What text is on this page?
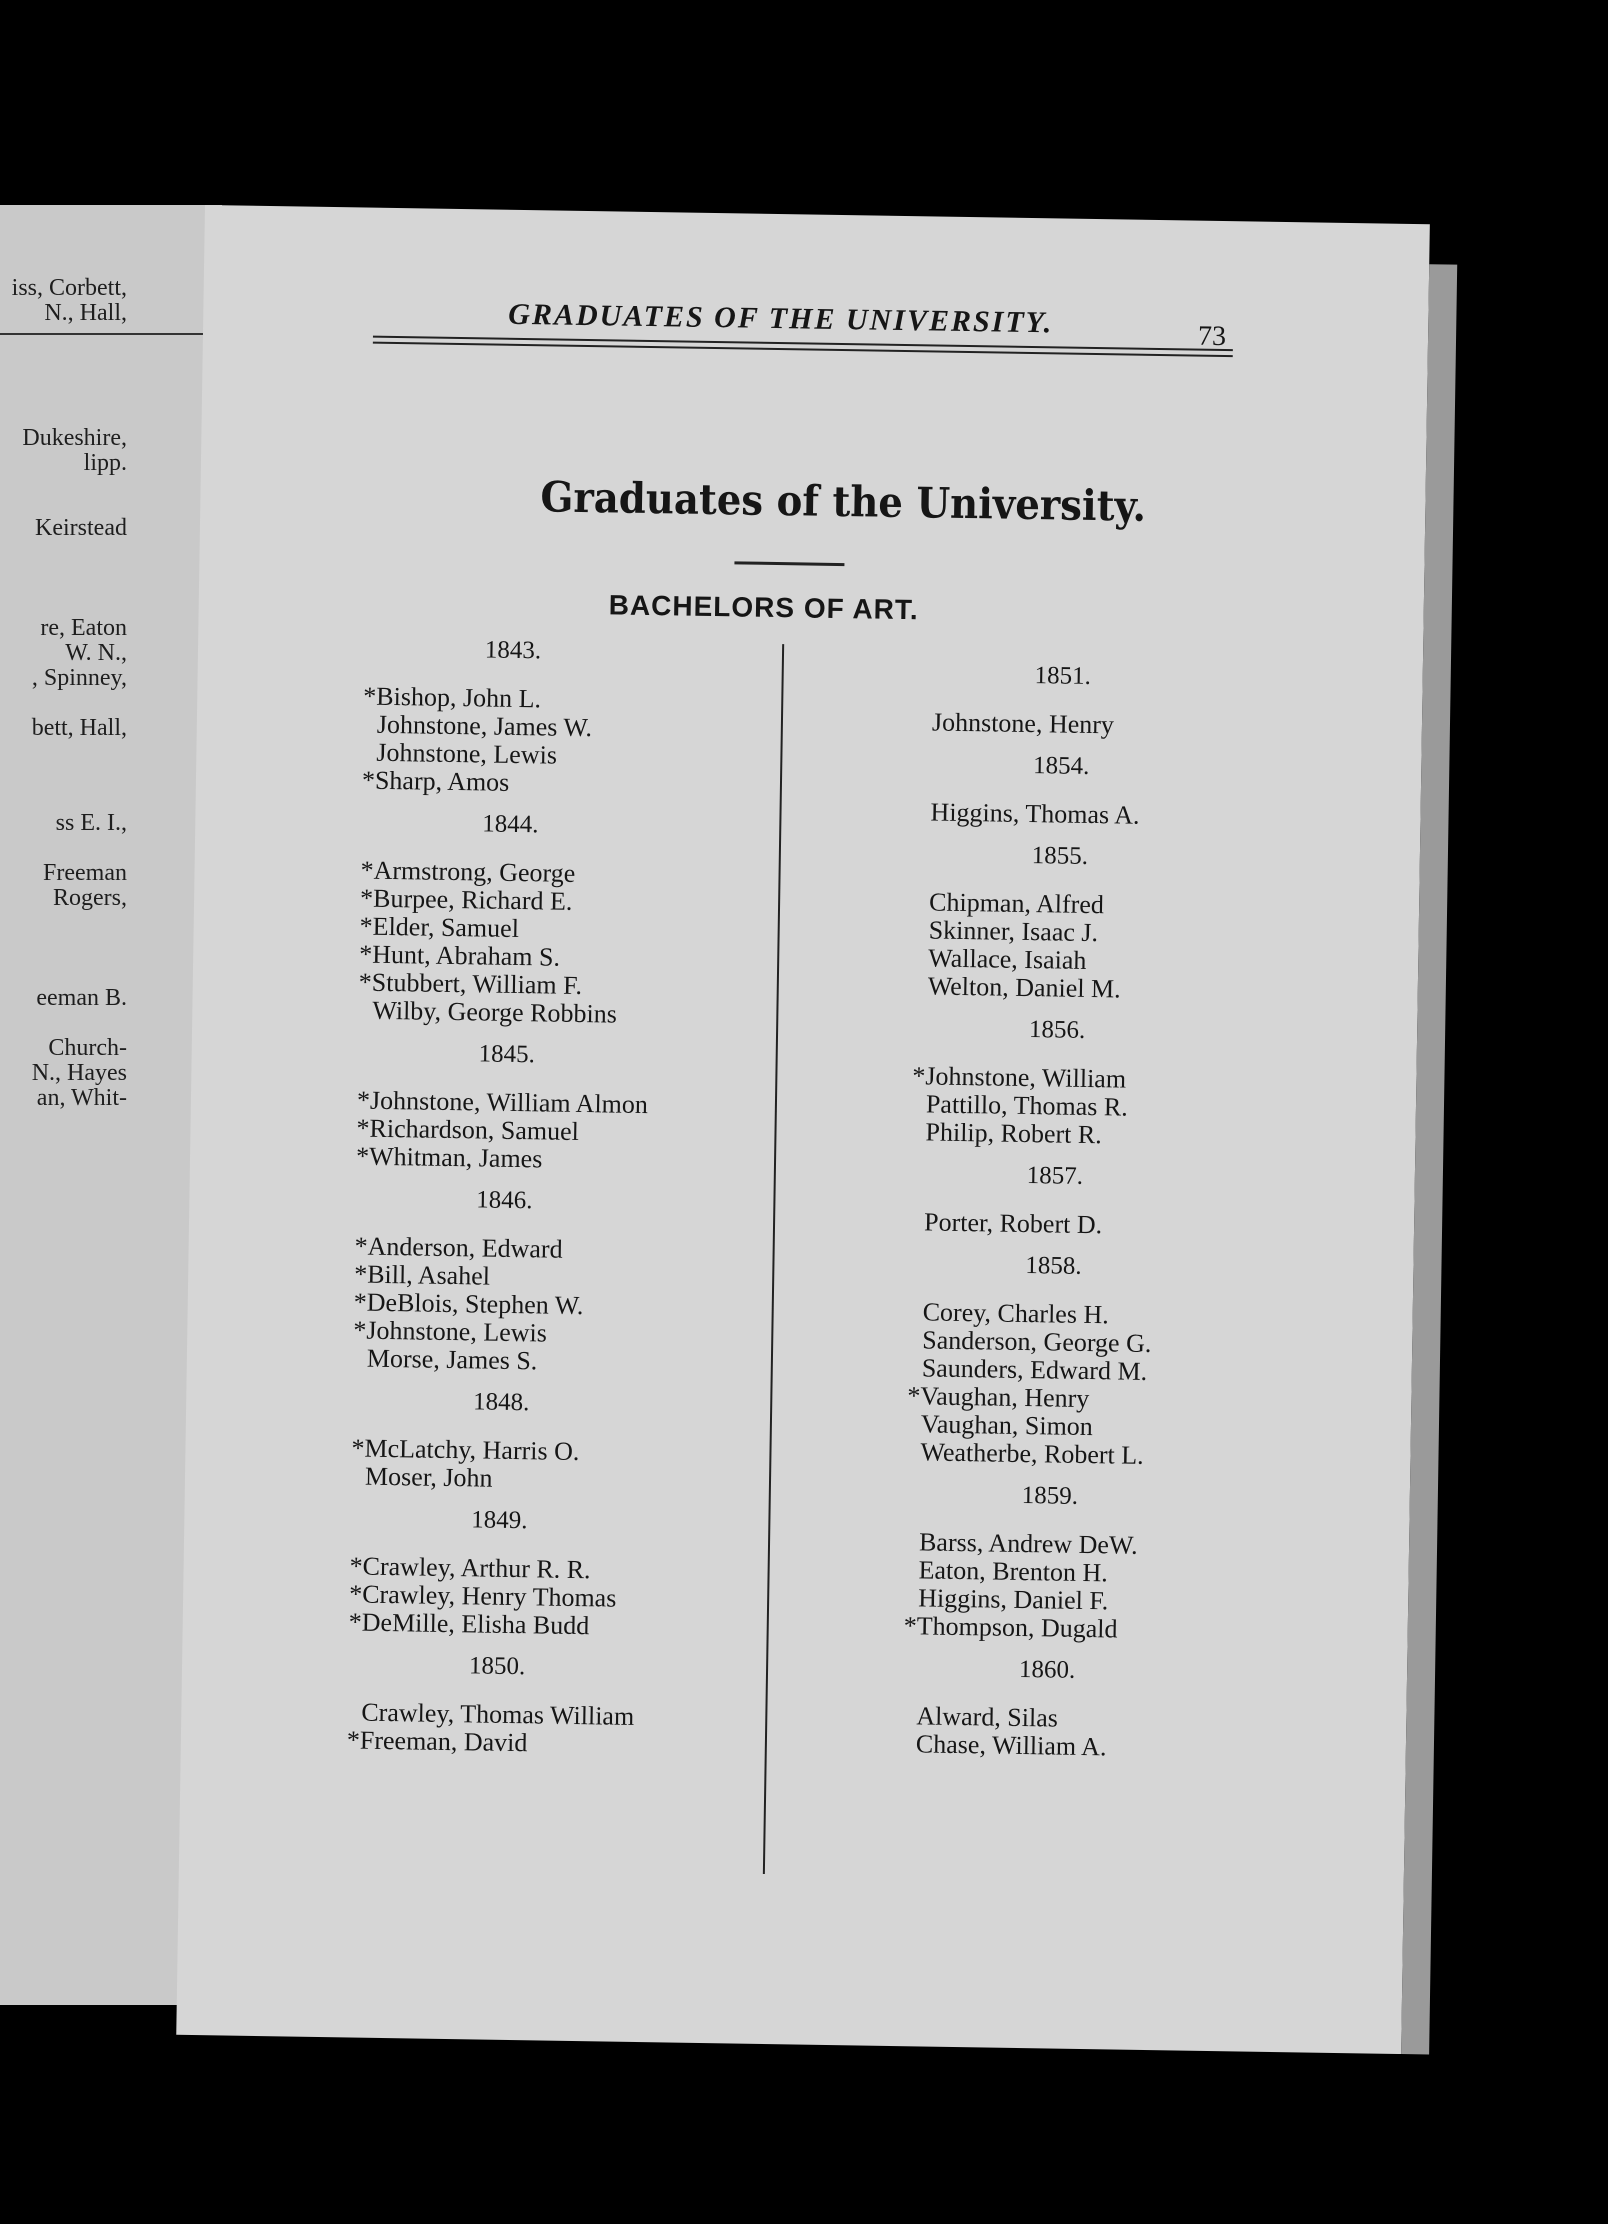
iss, Corbett,
N., Hall,
Dukeshire,
lipp.
Keirstead
re, Eaton
W. N.,
, Spinney,
bett, Hall,
ss E. I.,
Freeman
Rogers,
eeman B.
Church-
N., Hayes
an, Whit-
GRADUATES OF THE UNIVERSITY.	73
Graduates of the University.
BACHELORS OF ART.
1843.
*Bishop, John L.
Johnstone, James W.
Johnstone, Lewis
*Sharp, Amos
1844.
*Armstrong, George
*Burpee, Richard E.
*Elder, Samuel
*Hunt, Abraham S.
*Stubbert, William F.
Wilby, George Robbins
1845.
*Johnstone, William Almon
*Richardson, Samuel
*Whitman, James
1846.
*Anderson, Edward
*Bill, Asahel
*DeBlois, Stephen W.
*Johnstone, Lewis
Morse, James S.
1848.
*McLatchy, Harris O.
Moser, John
1849.
*Crawley, Arthur R. R.
*Crawley, Henry Thomas
*DeMille, Elisha Budd
1850.
Crawley, Thomas William
*Freeman, David
1851.
Johnstone, Henry
1854.
Higgins, Thomas A.
1855.
Chipman, Alfred
Skinner, Isaac J.
Wallace, Isaiah
Welton, Daniel M.
1856.
*Johnstone, William
Pattillo, Thomas R.
Philip, Robert R.
1857.
Porter, Robert D.
1858.
Corey, Charles H.
Sanderson, George G.
Saunders, Edward M.
*Vaughan, Henry
Vaughan, Simon
Weatherbe, Robert L.
1859.
Barss, Andrew DeW.
Eaton, Brenton H.
Higgins, Daniel F.
*Thompson, Dugald
1860.
Alward, Silas
Chase, William A.
